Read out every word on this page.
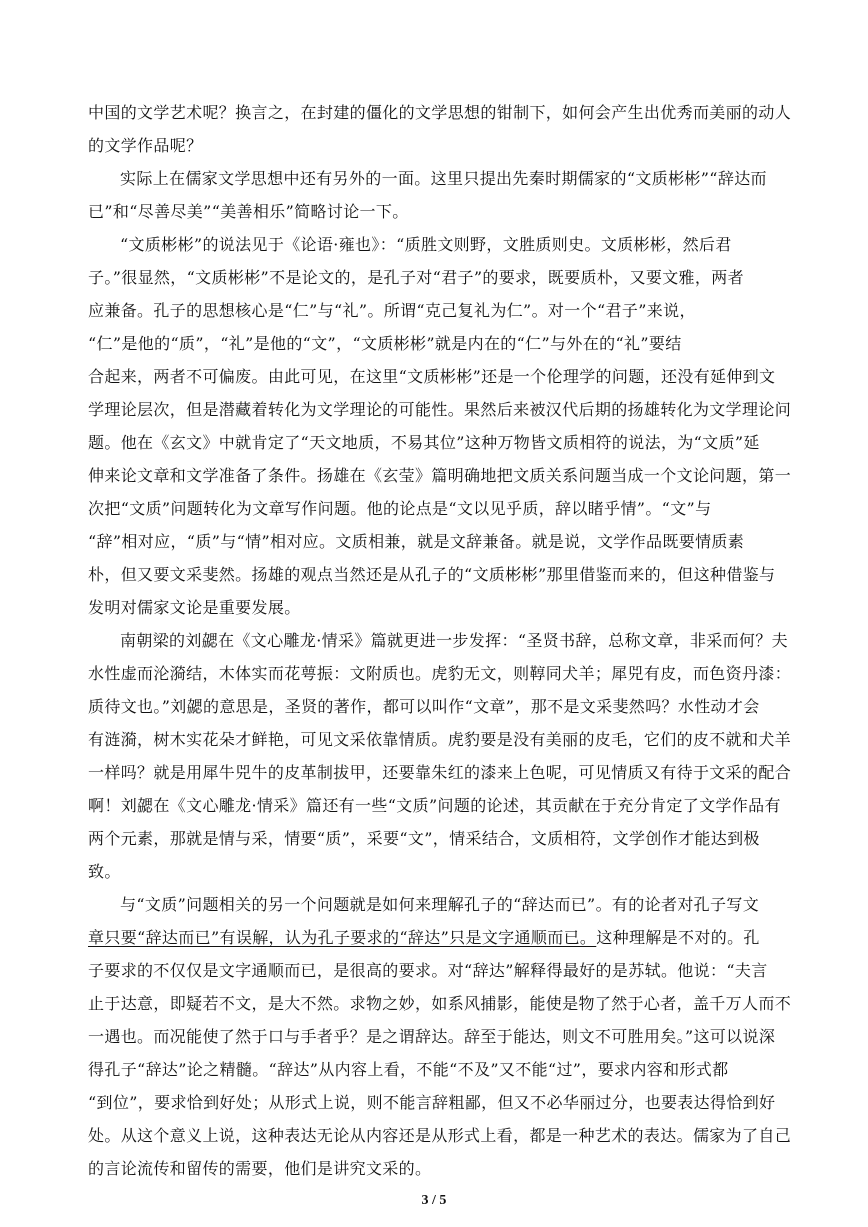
中国的文学艺术呢？换言之，在封建的僵化的文学思想的钳制下，如何会产生出优秀而美丽的动人
的文学作品呢？
实际上在儒家文学思想中还有另外的一面。这里只提出先秦时期儒家的“文质彬彬”“辞达而
已”和“尽善尽美”“美善相乐”简略讨论一下。
“文质彬彬”的说法见于《论语·雍也》：“质胜文则野，文胜质则史。文质彬彬，然后君
子。”很显然，“文质彬彬”不是论文的，是孔子对“君子”的要求，既要质朴，又要文雅，两者
应兼备。孔子的思想核心是“仁”与“礼”。所谓“克己复礼为仁”。对一个“君子”来说，
“仁”是他的“质”，“礼”是他的“文”，“文质彬彬”就是内在的“仁”与外在的“礼”要结
合起来，两者不可偏废。由此可见，在这里“文质彬彬”还是一个伦理学的问题，还没有延伸到文
学理论层次，但是潜藏着转化为文学理论的可能性。果然后来被汉代后期的扬雄转化为文学理论问
题。他在《玄文》中就肯定了“天文地质，不易其位”这种万物皆文质相符的说法，为“文质”延
伸来论文章和文学准备了条件。扬雄在《玄莹》篇明确地把文质关系问题当成一个文论问题，第一
次把“文质”问题转化为文章写作问题。他的论点是“文以见乎质，辞以睹乎情”。“文”与
“辞”相对应，“质”与“情”相对应。文质相兼，就是文辞兼备。就是说，文学作品既要情质素
朴，但又要文采斐然。扬雄的观点当然还是从孔子的“文质彬彬”那里借鉴而来的，但这种借鉴与
发明对儒家文论是重要发展。
南朝梁的刘勰在《文心雕龙·情采》篇就更进一步发挥：“圣贤书辞，总称文章，非采而何？夫
水性虚而沦漪结，木体实而花萼振：文附质也。虎豹无文，则鞟同犬羊；犀兕有皮，而色资丹漆：
质待文也。”刘勰的意思是，圣贤的著作，都可以叫作“文章”，那不是文采斐然吗？水性动才会
有涟漪，树木实花朵才鲜艳，可见文采依靠情质。虎豹要是没有美丽的皮毛，它们的皮不就和犬羊
一样吗？就是用犀牛兕牛的皮革制拔甲，还要靠朱红的漆来上色呢，可见情质又有待于文采的配合
啊！刘勰在《文心雕龙·情采》篇还有一些“文质”问题的论述，其贡献在于充分肯定了文学作品有
两个元素，那就是情与采，情要“质”，采要“文”，情采结合，文质相符，文学创作才能达到极
致。
与“文质”问题相关的另一个问题就是如何来理解孔子的“辞达而已”。有的论者对孔子写文
章只要“辞达而已”有误解，认为孔子要求的“辞达”只是文字通顺而已。这种理解是不对的。孔
子要求的不仅仅是文字通顺而已，是很高的要求。对“辞达”解释得最好的是苏轼。他说：“夫言
止于达意，即疑若不文，是大不然。求物之妙，如系风捕影，能使是物了然于心者，盖千万人而不
一遇也。而况能使了然于口与手者乎？是之谓辞达。辞至于能达，则文不可胜用矣。”这可以说深
得孔子“辞达”论之精髓。“辞达”从内容上看，不能“不及”又不能“过”，要求内容和形式都
“到位”，要求恰到好处；从形式上说，则不能言辞粗鄙，但又不必华丽过分，也要表达得恰到好
处。从这个意义上说，这种表达无论从内容还是从形式上看，都是一种艺术的表达。儒家为了自己
的言论流传和留传的需要，他们是讲究文采的。
3 / 5
